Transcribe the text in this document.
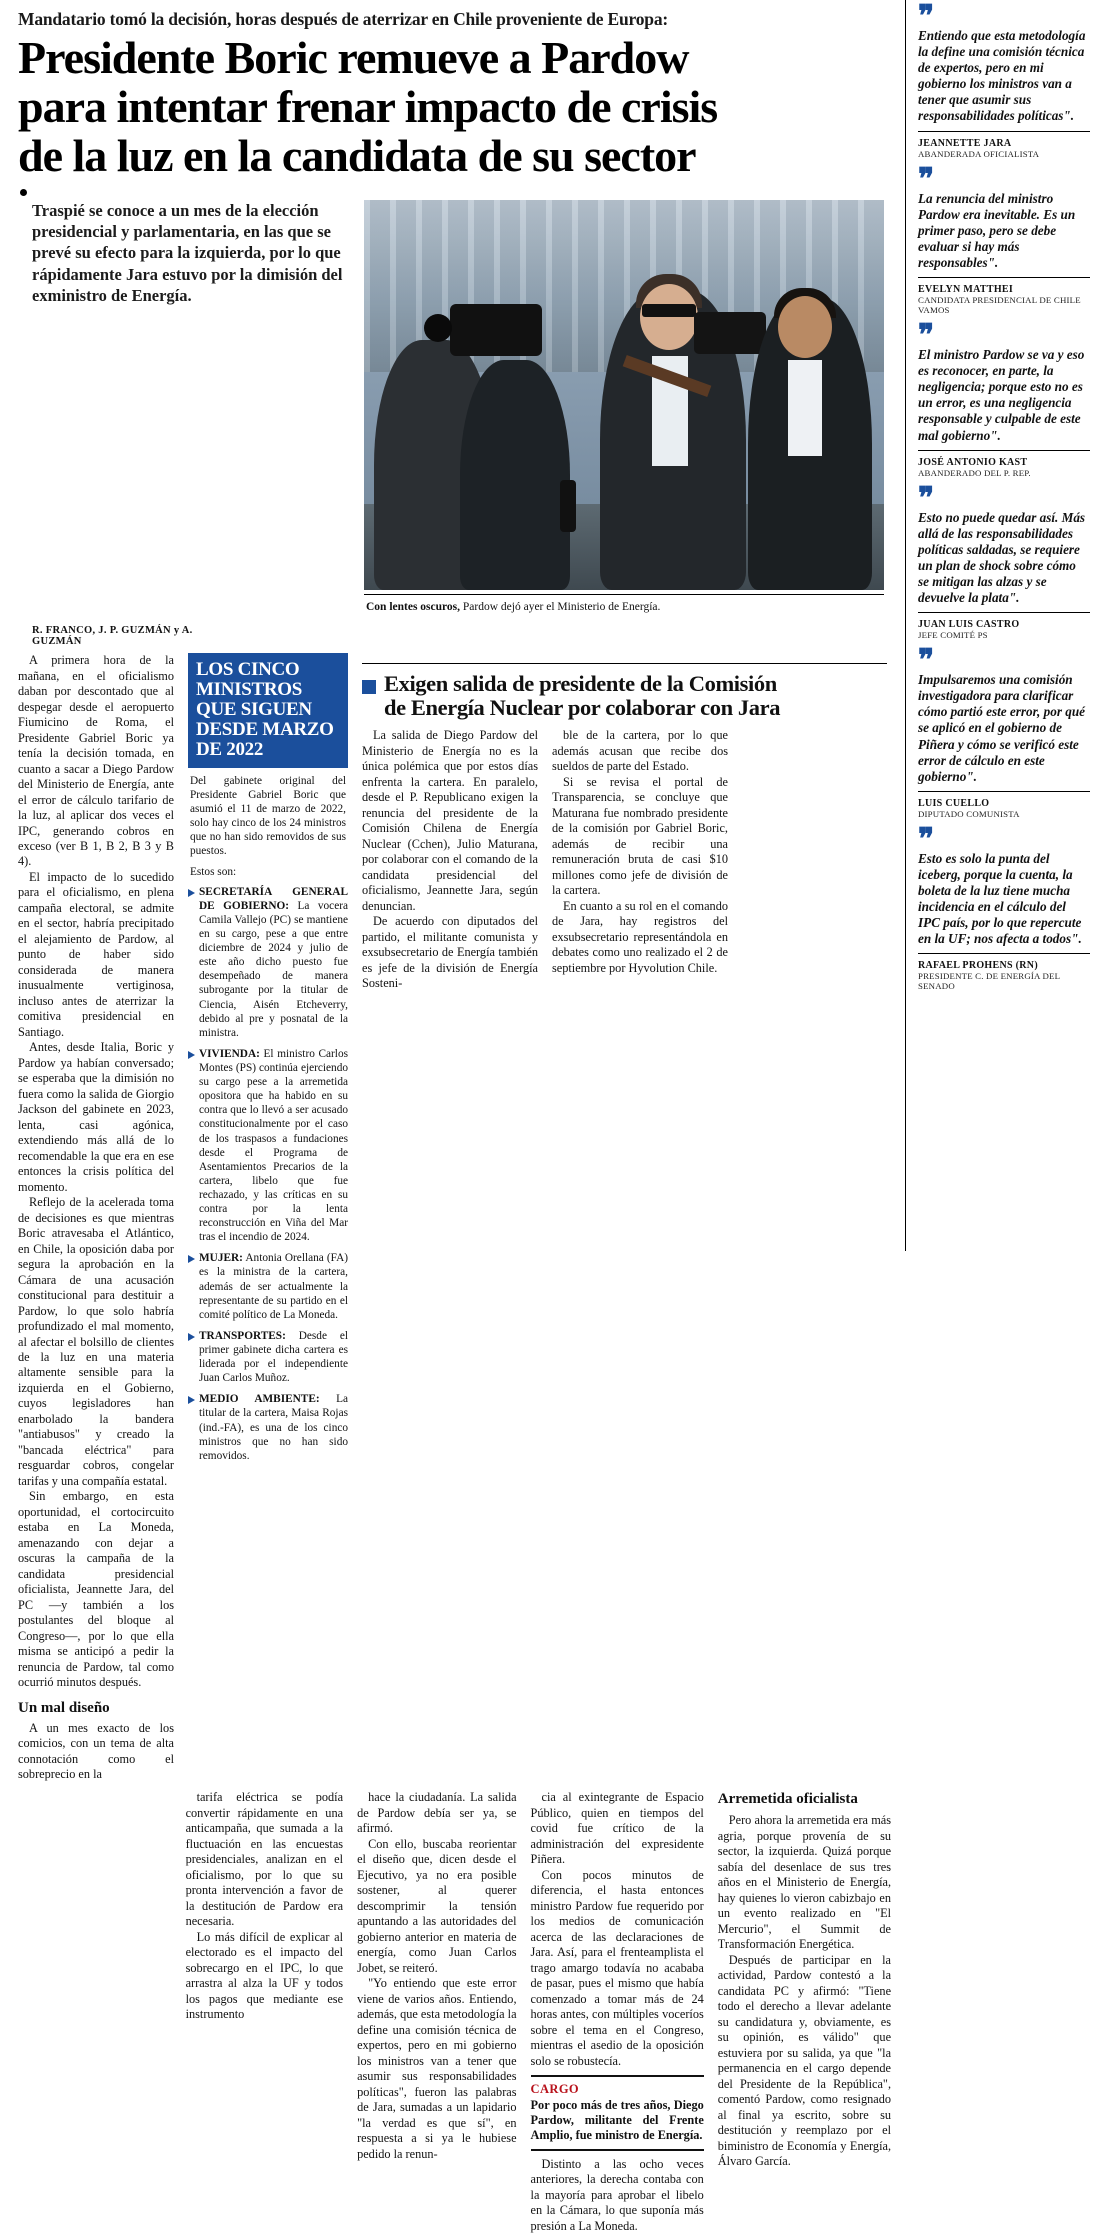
Mandatario tomó la decisión, horas después de aterrizar en Chile proveniente de Europa:
Presidente Boric remueve a Pardow
para intentar frenar impacto de crisis
de la luz en la candidata de su sector
Traspié se conoce a un mes de la elección presidencial y parlamentaria, en las que se prevé su efecto para la izquierda, por lo que rápidamente Jara estuvo por la dimisión del exministro de Energía.
Con lentes oscuros, Pardow dejó ayer el Ministerio de Energía.
R. FRANCO, J. P. GUZMÁN y A. GUZMÁN

A primera hora de la mañana, en el oficialismo daban por descontado que al despegar desde el aeropuerto Fiumicino de Roma, el Presidente Gabriel Boric ya tenía la decisión tomada, en cuanto a sacar a Diego Pardow del Ministerio de Energía, ante el error de cálculo tarifario de la luz, al aplicar dos veces el IPC, generando cobros en exceso (ver B 1, B 2, B 3 y B 4).

El impacto de lo sucedido para el oficialismo, en plena campaña electoral, se admite en el sector, habría precipitado el alejamiento de Pardow, al punto de haber sido considerada de manera inusualmente vertiginosa, incluso antes de aterrizar la comitiva presidencial en Santiago.

Antes, desde Italia, Boric y Pardow ya habían conversado; se esperaba que la dimisión no fuera como la salida de Giorgio Jackson del gabinete en 2023, lenta, casi agónica, extendiendo más allá de lo recomendable la que era en ese entonces la crisis política del momento.

Reflejo de la acelerada toma de decisiones es que mientras Boric atravesaba el Atlántico, en Chile, la oposición daba por segura la aprobación en la Cámara de una acusación constitucional para destituir a Pardow, lo que solo habría profundizado el mal momento, al afectar el bolsillo de clientes de la luz en una materia altamente sensible para la izquierda en el Gobierno, cuyos legisladores han enarbolado la bandera "antiabusos" y creado la "bancada eléctrica" para resguardar cobros, congelar tarifas y una compañía estatal.

Sin embargo, en esta oportunidad, el cortocircuito estaba en La Moneda, amenazando con dejar a oscuras la campaña de la candidata presidencial oficialista, Jeannette Jara, del PC —y también a los postulantes del bloque al Congreso—, por lo que ella misma se anticipó a pedir la renuncia de Pardow, tal como ocurrió minutos después.

Un mal diseño

A un mes exacto de los comicios, con un tema de alta connotación como el sobreprecio en la

LOS CINCO MINISTROS QUE SIGUEN DESDE MARZO DE 2022

Del gabinete original del Presidente Gabriel Boric que asumió el 11 de marzo de 2022, solo hay cinco de los 24 ministros que no han sido removidos de sus puestos.

Estos son:

SECRETARÍA GENERAL DE GOBIERNO: La vocera Camila Vallejo (PC) se mantiene en su cargo, pese a que entre diciembre de 2024 y julio de este año dicho puesto fue desempeñado de manera subrogante por la titular de Ciencia, Aisén Etcheverry, debido al pre y posnatal de la ministra.
VIVIENDA: El ministro Carlos Montes (PS) continúa ejerciendo su cargo pese a la arremetida opositora que ha habido en su contra que lo llevó a ser acusado constitucionalmente por el caso de los traspasos a fundaciones desde el Programa de Asentamientos Precarios de la cartera, libelo que fue rechazado, y las críticas en su contra por la lenta reconstrucción en Viña del Mar tras el incendio de 2024.
MUJER: Antonia Orellana (FA) es la ministra de la cartera, además de ser actualmente la representante de su partido en el comité político de La Moneda.
TRANSPORTES: Desde el primer gabinete dicha cartera es liderada por el independiente Juan Carlos Muñoz.
MEDIO AMBIENTE: La titular de la cartera, Maisa Rojas (ind.-FA), es una de los cinco ministros que no han sido removidos.
Exigen salida de presidente de la Comisión
de Energía Nuclear por colaborar con Jara

La salida de Diego Pardow del Ministerio de Energía no es la única polémica que por estos días enfrenta la cartera. En paralelo, desde el P. Republicano exigen la renuncia del presidente de la Comisión Chilena de Energía Nuclear (Cchen), Julio Maturana, por colaborar con el comando de la candidata presidencial del oficialismo, Jeannette Jara, según denuncian.

De acuerdo con diputados del partido, el militante comunista y exsubsecretario de Energía también es jefe de la división de Energía Sosteni-

ble de la cartera, por lo que además acusan que recibe dos sueldos de parte del Estado.

Si se revisa el portal de Transparencia, se concluye que Maturana fue nombrado presidente de la comisión por Gabriel Boric, además de recibir una remuneración bruta de casi $10 millones como jefe de división de la cartera.

En cuanto a su rol en el comando de Jara, hay registros del exsubsecretario representándola en debates como uno realizado el 2 de septiembre por Hyvolution Chile.

tarifa eléctrica se podía convertir rápidamente en una anticampaña, que sumada a la fluctuación en las encuestas presidenciales, analizan en el oficialismo, por lo que su pronta intervención a favor de la destitución de Pardow era necesaria.

Lo más difícil de explicar al electorado es el impacto del sobrecargo en el IPC, lo que arrastra al alza la UF y todos los pagos que mediante ese instrumento

hace la ciudadanía. La salida de Pardow debía ser ya, se afirmó.

Con ello, buscaba reorientar el diseño que, dicen desde el Ejecutivo, ya no era posible sostener, al querer descomprimir la tensión apuntando a las autoridades del gobierno anterior en materia de energía, como Juan Carlos Jobet, se reiteró.

"Yo entiendo que este error viene de varios años. Entiendo, además, que esta metodología la define una comisión técnica de expertos, pero en mi gobierno los ministros van a tener que asumir sus responsabilidades políticas", fueron las palabras de Jara, sumadas a un lapidario "la verdad es que sí", en respuesta a si ya le hubiese pedido la renun-

cia al exintegrante de Espacio Público, quien en tiempos del covid fue crítico de la administración del expresidente Piñera.

Con pocos minutos de diferencia, el hasta entonces ministro Pardow fue requerido por los medios de comunicación acerca de las declaraciones de Jara. Así, para el frenteamplista el trago amargo todavía no acababa de pasar, pues el mismo que había comenzado a tomar más de 24 horas antes, con múltiples voceríos sobre el tema en el Congreso, mientras el asedio de la oposición solo se robustecía.

CARGO
Por poco más de tres años, Diego Pardow, militante del Frente Amplio, fue ministro de Energía.

Distinto a las ocho veces anteriores, la derecha contaba con la mayoría para aprobar el libelo en la Cámara, lo que suponía más presión a La Moneda.

Arremetida oficialista

Pero ahora la arremetida era más agria, porque provenía de su sector, la izquierda. Quizá porque sabía del desenlace de sus tres años en el Ministerio de Energía, hay quienes lo vieron cabizbajo en un evento realizado en "El Mercurio", el Summit de Transformación Energética.

Después de participar en la actividad, Pardow contestó a la candidata PC y afirmó: "Tiene todo el derecho a llevar adelante su candidatura y, obviamente, es su opinión, es válido" que estuviera por su salida, ya que "la permanencia en el cargo depende del Presidente de la República", comentó Pardow, como resignado al final ya escrito, sobre su destitución y reemplazo por el biministro de Economía y Energía, Álvaro García.

❞
Entiendo que esta metodología la define una comisión técnica de expertos, pero en mi gobierno los ministros van a tener que asumir sus responsabilidades políticas".
JEANNETTE JARA
ABANDERADA OFICIALISTA
❞
La renuncia del ministro Pardow era inevitable. Es un primer paso, pero se debe evaluar si hay más responsables".
EVELYN MATTHEI
CANDIDATA PRESIDENCIAL DE CHILE VAMOS
❞
El ministro Pardow se va y eso es reconocer, en parte, la negligencia; porque esto no es un error, es una negligencia responsable y culpable de este mal gobierno".
JOSÉ ANTONIO KAST
ABANDERADO DEL P. REP.
❞
Esto no puede quedar así. Más allá de las responsabilidades políticas saldadas, se requiere un plan de shock sobre cómo se mitigan las alzas y se devuelve la plata".
JUAN LUIS CASTRO
JEFE COMITÉ PS
❞
Impulsaremos una comisión investigadora para clarificar cómo partió este error, por qué se aplicó en el gobierno de Piñera y cómo se verificó este error de cálculo en este gobierno".
LUIS CUELLO
DIPUTADO COMUNISTA
❞
Esto es solo la punta del iceberg, porque la cuenta, la boleta de la luz tiene mucha incidencia en el cálculo del IPC país, por lo que repercute en la UF; nos afecta a todos".
RAFAEL PROHENS (RN)
PRESIDENTE C. DE ENERGÍA DEL SENADO
